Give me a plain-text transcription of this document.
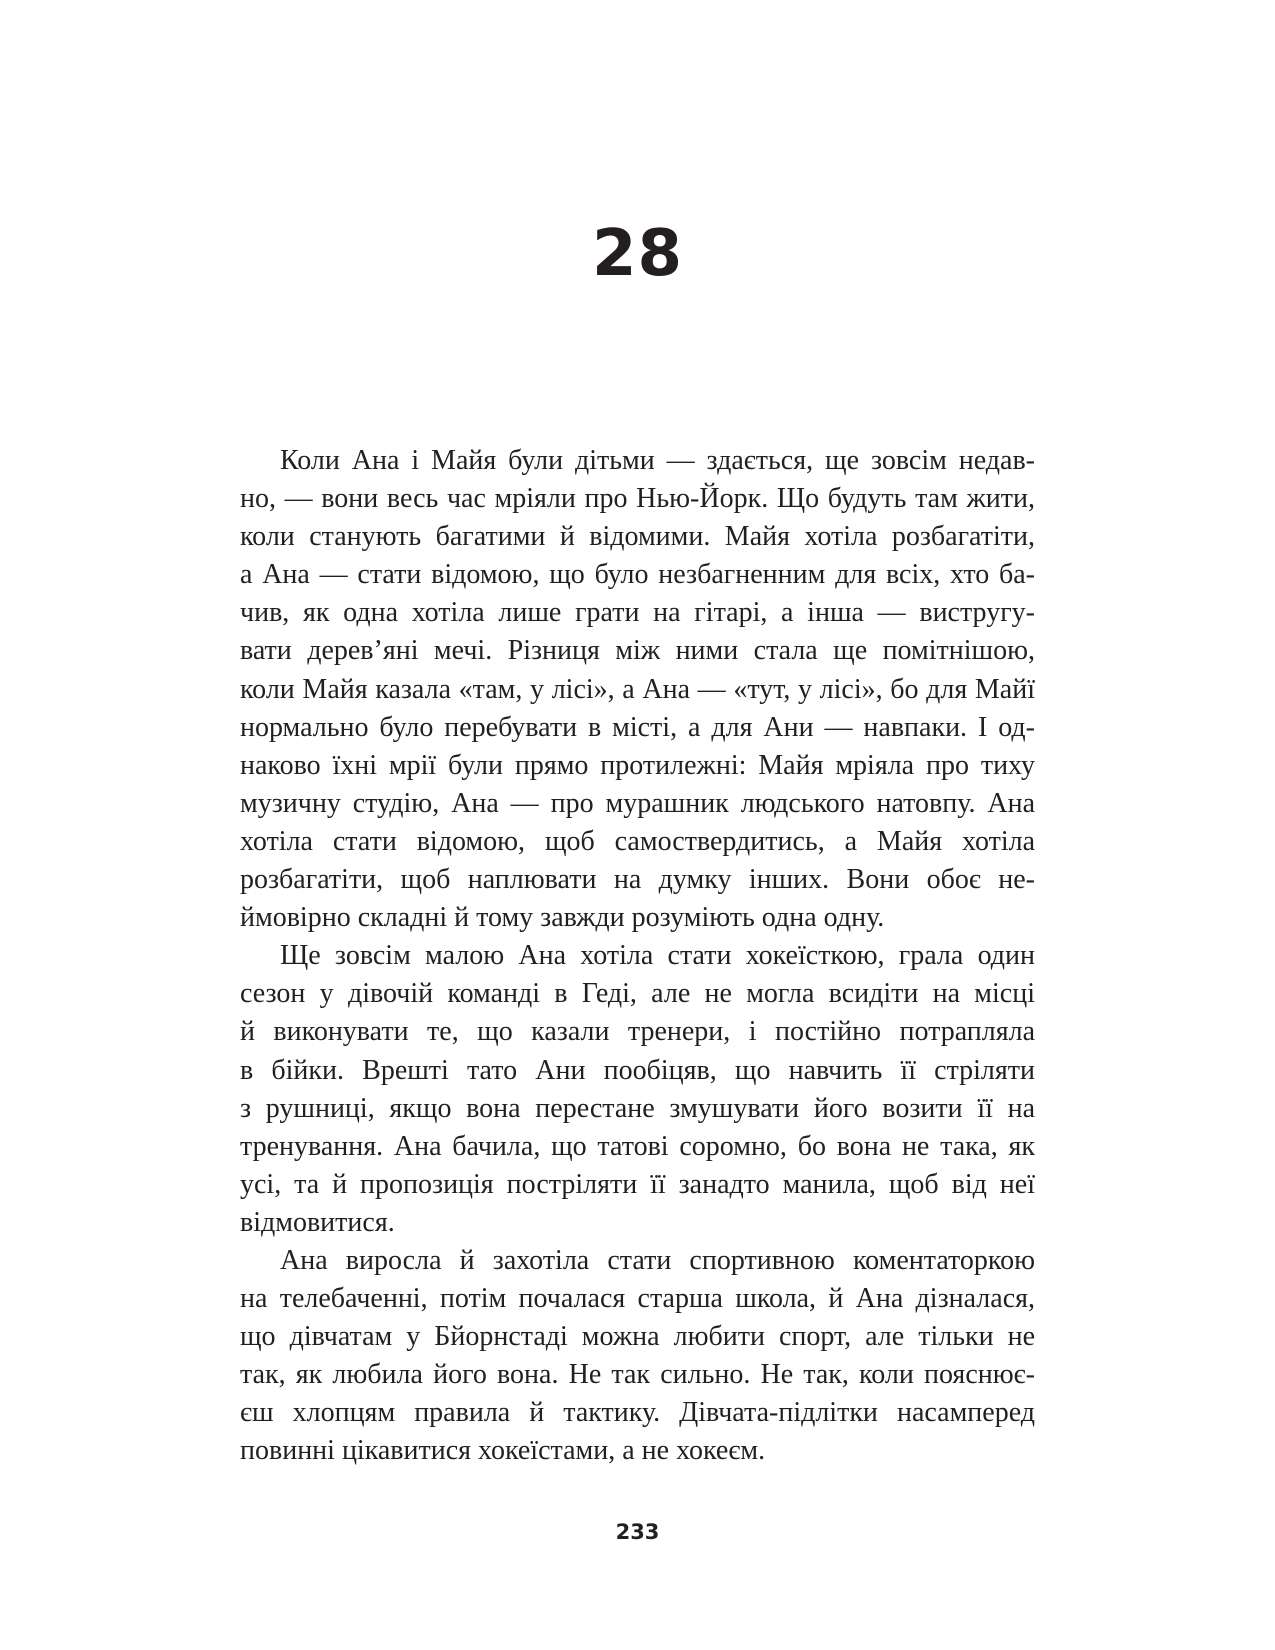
28
Коли Ана і Майя були дітьми — здається, ще зовсім недав-
но, — вони весь час мріяли про Нью-Йорк. Що будуть там жити,
коли станують багатими й відомими. Майя хотіла розбагатіти,
а Ана — стати відомою, що було незбагненним для всіх, хто ба-
чив, як одна хотіла лише грати на гітарі, а інша — вистругу-
вати дерев’яні мечі. Різниця між ними стала ще помітнішою,
коли Майя казала «там, у лісі», а Ана — «тут, у лісі», бо для Майї
нормально було перебувати в місті, а для Ани — навпаки. І од-
наково їхні мрії були прямо протилежні: Майя мріяла про тиху
музичну студію, Ана — про мурашник людського натовпу. Ана
хотіла стати відомою, щоб самоствердитись, а Майя хотіла
розбагатіти, щоб наплювати на думку інших. Вони обоє не-
ймовірно складні й тому завжди розуміють одна одну.
Ще зовсім малою Ана хотіла стати хокеїсткою, грала один
сезон у дівочій команді в Геді, але не могла всидіти на місці
й виконувати те, що казали тренери, і постійно потрапляла
в бійки. Врешті тато Ани пообіцяв, що навчить її стріляти
з рушниці, якщо вона перестане змушувати його возити її на
тренування. Ана бачила, що татові соромно, бо вона не така, як
усі, та й пропозиція постріляти її занадто манила, щоб від неї
відмовитися.
Ана виросла й захотіла стати спортивною коментаторкою
на телебаченні, потім почалася старша школа, й Ана дізналася,
що дівчатам у Бйорнстаді можна любити спорт, але тільки не
так, як любила його вона. Не так сильно. Не так, коли пояснює-
єш хлопцям правила й тактику. Дівчата-підлітки насамперед
повинні цікавитися хокеїстами, а не хокеєм.
233
